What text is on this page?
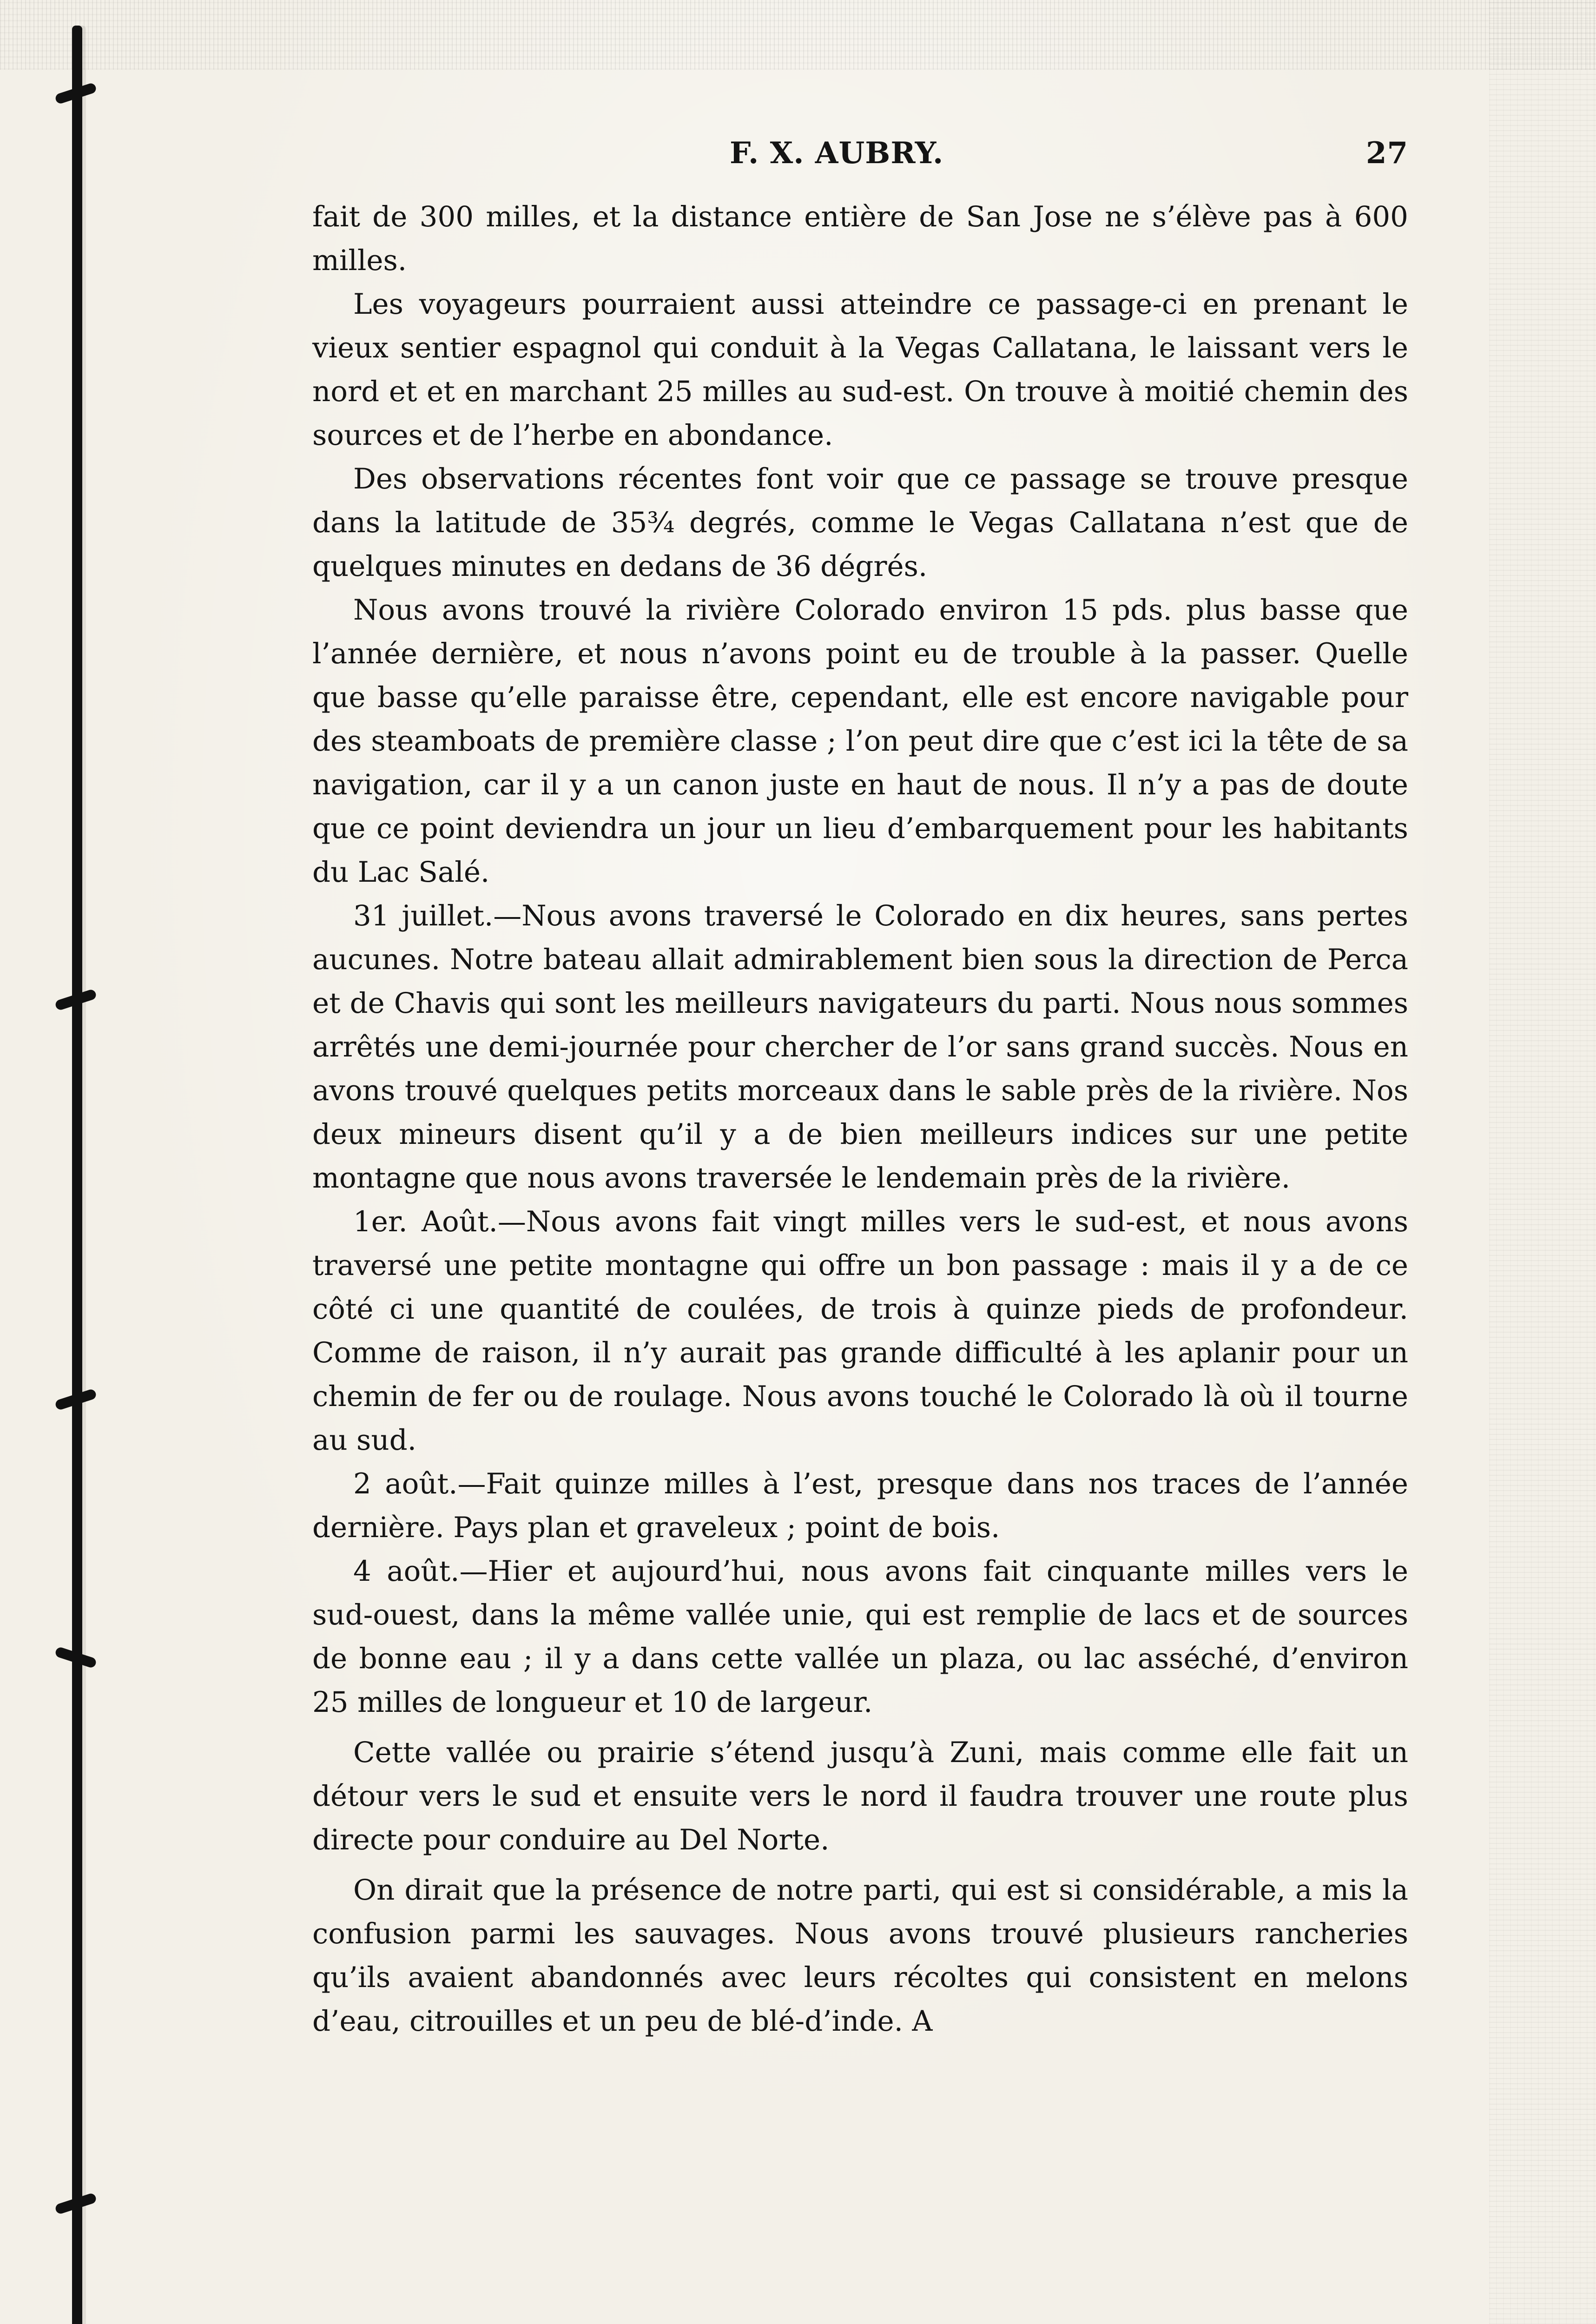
F. X. AUBRY.	27

fait de 300 milles, et la distance entière de San Jose ne s’élève pas à 600 milles.

Les voyageurs pourraient aussi atteindre ce passage-ci en prenant le vieux sentier espagnol qui conduit à la Vegas Callatana, le laissant vers le nord et et en marchant 25 milles au sud-est. On trouve à moitié chemin des sources et de l’herbe en abondance.

Des observations récentes font voir que ce passage se trouve presque dans la latitude de 35¾ degrés, comme le Vegas Callatana n’est que de quelques minutes en dedans de 36 dégrés.

Nous avons trouvé la rivière Colorado environ 15 pds. plus basse que l’année dernière, et nous n’avons point eu de trouble à la passer. Quelle que basse qu’elle paraisse être, cependant, elle est encore navigable pour des steamboats de première classe ; l’on peut dire que c’est ici la tête de sa navigation, car il y a un canon juste en haut de nous. Il n’y a pas de doute que ce point deviendra un jour un lieu d’embarquement pour les habitants du Lac Salé.

31 juillet.—Nous avons traversé le Colorado en dix heures, sans pertes aucunes. Notre bateau allait admirablement bien sous la direction de Perca et de Chavis qui sont les meilleurs navigateurs du parti. Nous nous sommes arrêtés une demi-journée pour chercher de l’or sans grand succès. Nous en avons trouvé quelques petits morceaux dans le sable près de la rivière. Nos deux mineurs disent qu’il y a de bien meilleurs indices sur une petite montagne que nous avons traversée le lendemain près de la rivière.

1er. Août.—Nous avons fait vingt milles vers le sud-est, et nous avons traversé une petite montagne qui offre un bon passage : mais il y a de ce côté ci une quantité de coulées, de trois à quinze pieds de profondeur. Comme de raison, il n’y aurait pas grande difficulté à les aplanir pour un chemin de fer ou de roulage. Nous avons touché le Colorado là où il tourne au sud.

2 août.—Fait quinze milles à l’est, presque dans nos traces de l’année dernière. Pays plan et graveleux ; point de bois.

4 août.—Hier et aujourd’hui, nous avons fait cinquante milles vers le sud-ouest, dans la même vallée unie, qui est remplie de lacs et de sources de bonne eau ; il y a dans cette vallée un plaza, ou lac asséché, d’environ 25 milles de longueur et 10 de largeur.

Cette vallée ou prairie s’étend jusqu’à Zuni, mais comme elle fait un détour vers le sud et ensuite vers le nord il faudra trouver une route plus directe pour conduire au Del Norte.

On dirait que la présence de notre parti, qui est si considérable, a mis la confusion parmi les sauvages. Nous avons trouvé plusieurs rancheries qu’ils avaient abandonnés avec leurs récoltes qui consistent en melons d’eau, citrouilles et un peu de blé-d’inde. A
